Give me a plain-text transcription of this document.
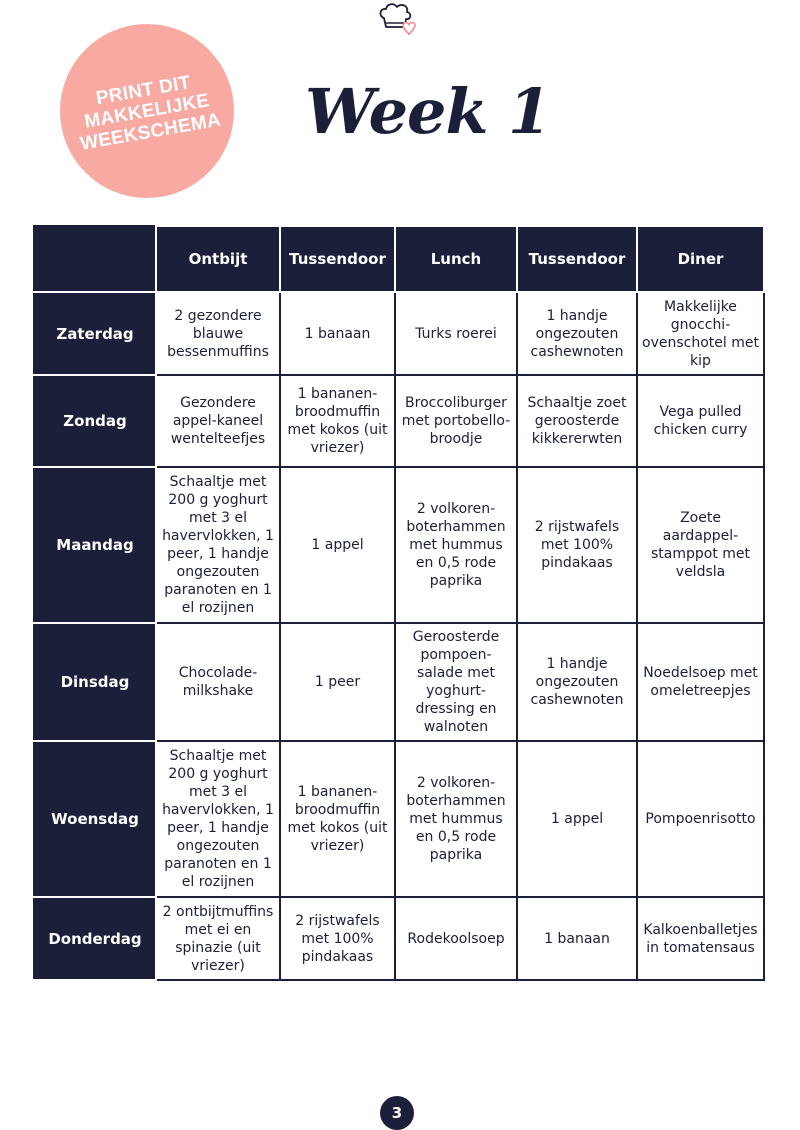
PRINT DIT MAKKELIJKE WEEKSCHEMA Week 1
	Ontbijt	Tussendoor	Lunch	Tussendoor	Diner
Zaterdag	2 gezondere blauwe bessenmuffins	1 banaan	Turks roerei	1 handje ongezouten cashewnoten	Makkelijke gnocchi-ovenschotel met kip
Zondag	Gezondere appel-kaneel wentelteefjes	1 bananen-broodmuffin met kokos (uit vriezer)	Broccoliburger met portobello-broodje	Schaaltje zoet geroosterde kikkererwten	Vega pulled chicken curry
Maandag	Schaaltje met 200 g yoghurt met 3 el havervlokken, 1 peer, 1 handje ongezouten paranoten en 1 el rozijnen	1 appel	2 volkoren-boterhammen met hummus en 0,5 rode paprika	2 rijstwafels met 100% pindakaas	Zoete aardappel-stamppot met veldsla
Dinsdag	Chocolade-milkshake	1 peer	Geroosterde pompoen-salade met yoghurt-dressing en walnoten	1 handje ongezouten cashewnoten	Noedelsoep met omeletreepjes
Woensdag	Schaaltje met 200 g yoghurt met 3 el havervlokken, 1 peer, 1 handje ongezouten paranoten en 1 el rozijnen	1 bananen-broodmuffin met kokos (uit vriezer)	2 volkoren-boterhammen met hummus en 0,5 rode paprika	1 appel	Pompoenrisotto
Donderdag	2 ontbijtmuffins met ei en spinazie (uit vriezer)	2 rijstwafels met 100% pindakaas	Rodekoolsoep	1 banaan	Kalkoenballetjes in tomatensaus
3
